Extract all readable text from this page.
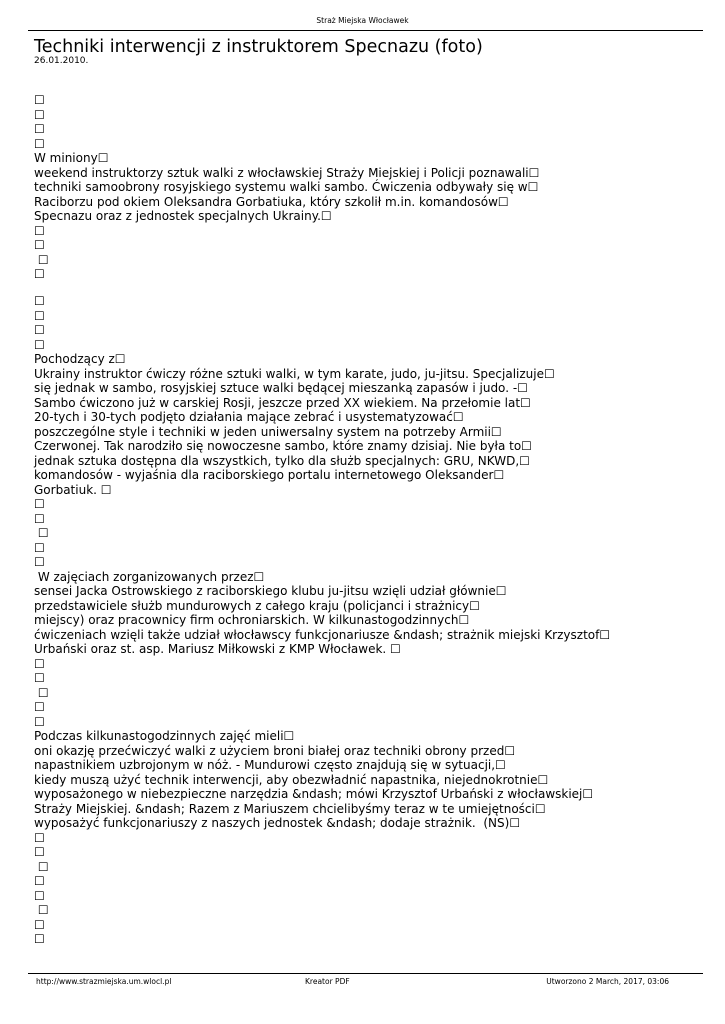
Straż Miejska Włocławek
Techniki interwencji z instruktorem Specnazu (foto)
26.01.2010.
☐
☐
☐
☐
W miniony☐
weekend instruktorzy sztuk walki z włocławskiej Straży Miejskiej i Policji poznawali☐
techniki samoobrony rosyjskiego systemu walki sambo. Ćwiczenia odbywały się w☐
Raciborzu pod okiem Oleksandra Gorbatiuka, który szkolił m.in. komandosów☐
Specnazu oraz z jednostek specjalnych Ukrainy.☐
☐
☐
☐
☐
☐
☐
☐
☐
Pochodzący z☐
Ukrainy instruktor ćwiczy różne sztuki walki, w tym karate, judo, ju-jitsu. Specjalizuje☐
się jednak w sambo, rosyjskiej sztuce walki będącej mieszanką zapasów i judo. -☐
Sambo ćwiczono już w carskiej Rosji, jeszcze przed XX wiekiem. Na przełomie lat☐
20-tych i 30-tych podjęto działania mające zebrać i usystematyzować☐
poszczególne style i techniki w jeden uniwersalny system na potrzeby Armii☐
Czerwonej. Tak narodziło się nowoczesne sambo, które znamy dzisiaj. Nie była to☐
jednak sztuka dostępna dla wszystkich, tylko dla służb specjalnych: GRU, NKWD,☐
komandosów - wyjaśnia dla raciborskiego portalu internetowego Oleksander☐
Gorbatiuk. ☐
☐
☐
☐
☐
☐
W zajęciach zorganizowanych przez☐
sensei Jacka Ostrowskiego z raciborskiego klubu ju-jitsu wzięli udział głównie☐
przedstawiciele służb mundurowych z całego kraju (policjanci i strażnicy☐
miejscy) oraz pracownicy firm ochroniarskich. W kilkunastogodzinnych☐
ćwiczeniach wzięli także udział włocławscy funkcjonariusze &ndash; strażnik miejski Krzysztof☐
Urbański oraz st. asp. Mariusz Miłkowski z KMP Włocławek. ☐
☐
☐
☐
☐
☐
Podczas kilkunastogodzinnych zajęć mieli☐
oni okazję przećwiczyć walki z użyciem broni białej oraz techniki obrony przed☐
napastnikiem uzbrojonym w nóż. - Mundurowi często znajdują się w sytuacji,☐
kiedy muszą użyć technik interwencji, aby obezwładnić napastnika, niejednokrotnie☐
wyposażonego w niebezpieczne narzędzia &ndash; mówi Krzysztof Urbański z włocławskiej☐
Straży Miejskiej. &ndash; Razem z Mariuszem chcielibyśmy teraz w te umiejętności☐
wyposażyć funkcjonariuszy z naszych jednostek &ndash; dodaje strażnik.  (NS)☐
☐
☐
☐
☐
☐
☐
☐
☐
http://www.strazmiejska.um.wlocl.pl	Kreator PDF	Utworzono 2 March, 2017, 03:06
